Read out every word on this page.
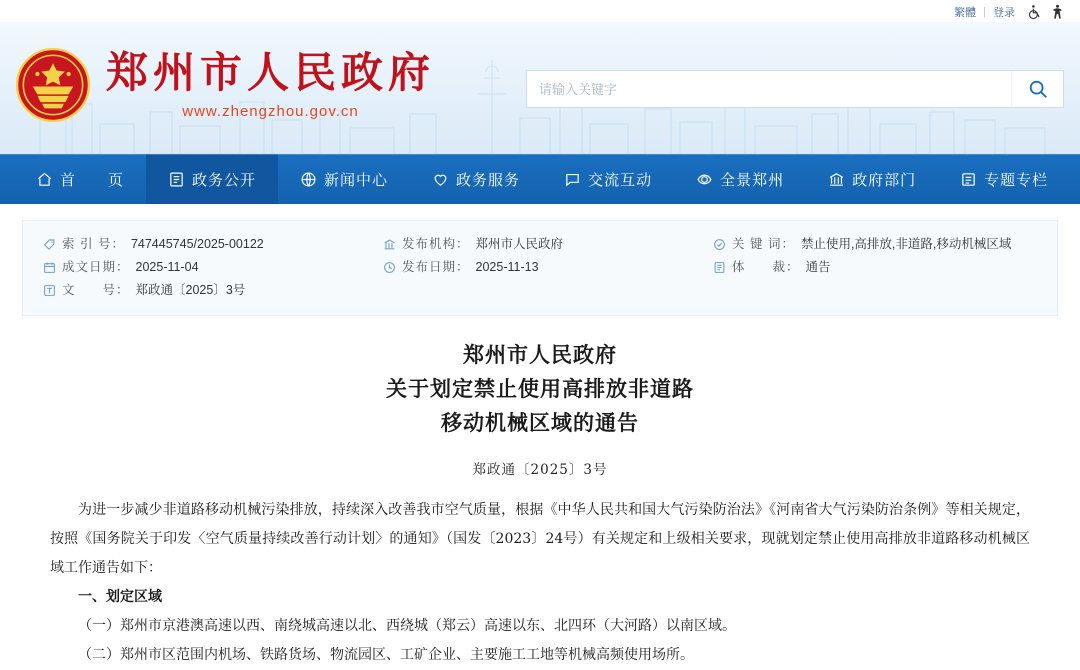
繁體 | 登录
郑州市人民政府
www.zhengzhou.gov.cn
请输入关键字
首　　页	政务公开	新闻中心	政务服务	交流互动	全景郑州	政府部门	专题专栏
索 引 号： 747445745/2025-00122
成文日期： 2025-11-04
文　　号： 郑政通〔2025〕3号
发布机构： 郑州市人民政府
发布日期： 2025-11-13
关 键 词： 禁止使用,高排放,非道路,移动机械区域
体　　裁： 通告
郑州市人民政府
关于划定禁止使用高排放非道路
移动机械区域的通告
郑政通〔2025〕3号

为进一步减少非道路移动机械污染排放，持续深入改善我市空气质量，根据《中华人民共和国大气污染防治法》《河南省大气污染防治条例》等相关规定，按照《国务院关于印发〈空气质量持续改善行动计划〉的通知》（国发〔2023〕24号）有关规定和上级相关要求，现就划定禁止使用高排放非道路移动机械区域工作通告如下：

一、划定区域

（一）郑州市京港澳高速以西、南绕城高速以北、西绕城（郑云）高速以东、北四环（大河路）以南区域。

（二）郑州市区范围内机场、铁路货场、物流园区、工矿企业、主要施工工地等机械高频使用场所。
